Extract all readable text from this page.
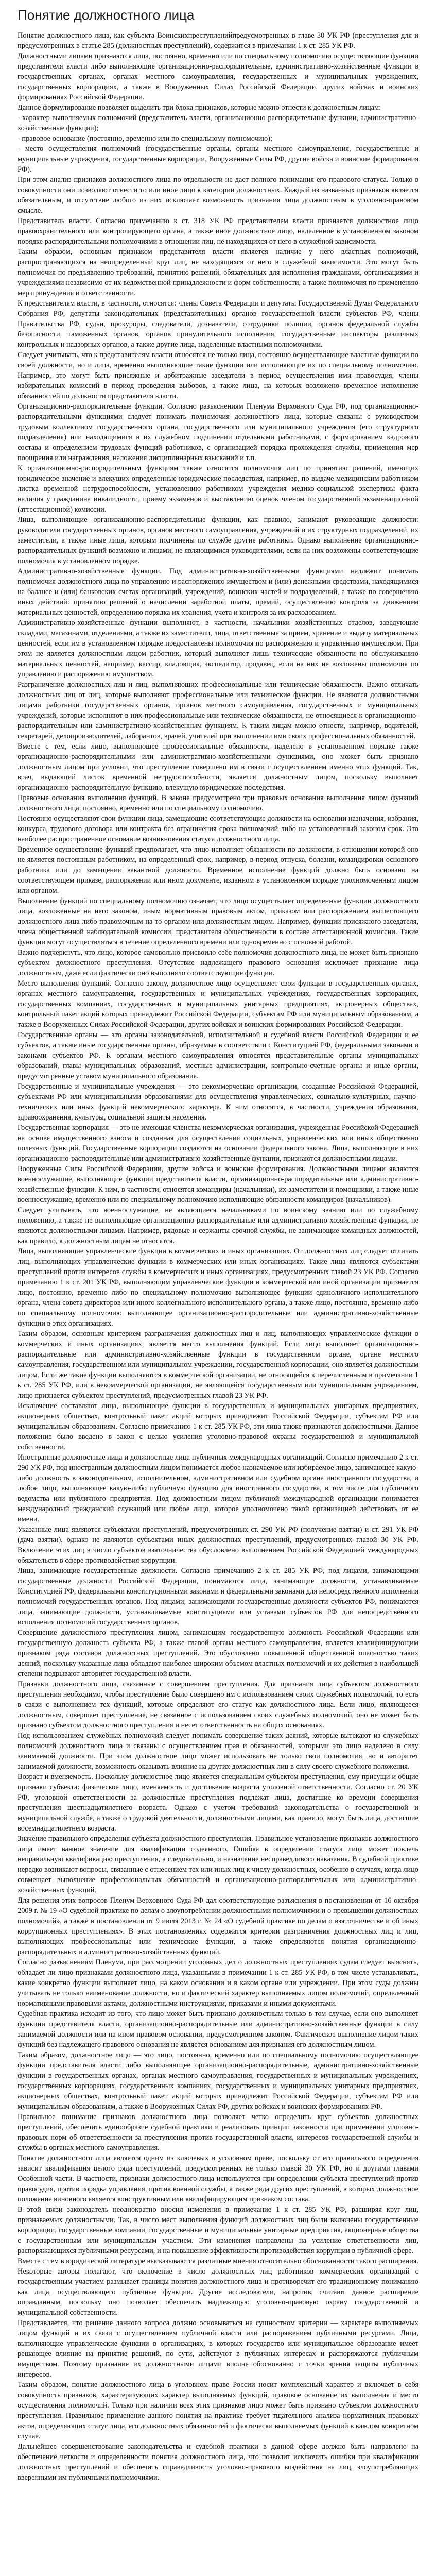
Понятие должностного лица

Понятие должностного лица, как субъекта Воинскихпреступленийпредусмотренных в главе 30 УК РФ (преступления для и предусмотренных в статье 285 (должностных преступлений), содержится в примечании 1 к ст. 285 УК РФ.

Должностными лицами признаются лица, постоянно, временно или по специальному полномочию осуществляющие функции представителя власти либо выполняющие организационно-распорядительные, административно-хозяйственные функции в государственных органах, органах местного самоуправления, государственных и муниципальных учреждениях, государственных корпорациях, а также в Вооруженных Силах Российской Федерации, других войсках и воинских формированиях Российской Федерации.

Данное формулирование позволяет выделить три блока признаков, которые можно отнести к должностным лицам:

- характер выполняемых полномочий (представитель власти, организационно-распорядительные функции, административно-хозяйственные функции);

- правовое основание (постоянно, временно или по специальному полномочию);

- место осуществления полномочий (государственные органы, органы местного самоуправления, государственные и муниципальные учреждения, государственные корпорации, Вооруженные Силы РФ, другие войска и воинские формирования РФ).

При этом анализ признаков должностного лица по отдельности не дает полного понимания его правового статуса. Только в совокупности они позволяют отнести то или иное лицо к категории должностных. Каждый из названных признаков является обязательным, и отсутствие любого из них исключает возможность признания лица должностным в уголовно-правовом смысле.

Представитель власти. Согласно примечанию к ст. 318 УК РФ представителем власти признается должностное лицо правоохранительного или контролирующего органа, а также иное должностное лицо, наделенное в установленном законом порядке распорядительными полномочиями в отношении лиц, не находящихся от него в служебной зависимости.

Таким образом, основным признаком представителя власти является наличие у него властных полномочий, распространяющихся на неопределенный круг лиц, не находящихся от него в служебной зависимости. Это могут быть полномочия по предъявлению требований, принятию решений, обязательных для исполнения гражданами, организациями и учреждениями независимо от их ведомственной принадлежности и форм собственности, а также полномочия по применению мер принуждения и ответственности.

К представителям власти, в частности, относятся: члены Совета Федерации и депутаты Государственной Думы Федерального Собрания РФ, депутаты законодательных (представительных) органов государственной власти субъектов РФ, члены Правительства РФ, судьи, прокуроры, следователи, дознаватели, сотрудники полиции, органов федеральной службы безопасности, таможенных органов, органов принудительного исполнения, государственные инспекторы различных контрольных и надзорных органов, а также другие лица, наделенные властными полномочиями.

Следует учитывать, что к представителям власти относятся не только лица, постоянно осуществляющие властные функции по своей должности, но и лица, временно выполняющие такие функции или исполняющие их по специальному полномочию. Например, это могут быть присяжные и арбитражные заседатели в период осуществления ими правосудия, члены избирательных комиссий в период проведения выборов, а также лица, на которых возложено временное исполнение обязанностей по должности представителя власти.

Организационно-распорядительные функции. Согласно разъяснениям Пленума Верховного Суда РФ, под организационно-распорядительными функциями следует понимать полномочия должностного лица, которые связаны с руководством трудовым коллективом государственного органа, государственного или муниципального учреждения (его структурного подразделения) или находящимися в их служебном подчинении отдельными работниками, с формированием кадрового состава и определением трудовых функций работников, с организацией порядка прохождения службы, применения мер поощрения или награждения, наложения дисциплинарных взысканий и т.п.

К организационно-распорядительным функциям также относятся полномочия лиц по принятию решений, имеющих юридическое значение и влекущих определенные юридические последствия, например, по выдаче медицинским работником листка временной нетрудоспособности, установлению работником учреждения медико-социальной экспертизы факта наличия у гражданина инвалидности, приему экзаменов и выставлению оценок членом государственной экзаменационной (аттестационной) комиссии.

Лица, выполняющие организационно-распорядительные функции, как правило, занимают руководящие должности: руководители государственных органов, органов местного самоуправления, учреждений и их структурных подразделений, их заместители, а также иные лица, которым подчинены по службе другие работники. Однако выполнение организационно-распорядительных функций возможно и лицами, не являющимися руководителями, если на них возложены соответствующие полномочия в установленном порядке.

Административно-хозяйственные функции. Под административно-хозяйственными функциями надлежит понимать полномочия должностного лица по управлению и распоряжению имуществом и (или) денежными средствами, находящимися на балансе и (или) банковских счетах организаций, учреждений, воинских частей и подразделений, а также по совершению иных действий: принятию решений о начислении заработной платы, премий, осуществлению контроля за движением материальных ценностей, определению порядка их хранения, учета и контроля за их расходованием.

Административно-хозяйственные функции выполняют, в частности, начальники хозяйственных отделов, заведующие складами, магазинами, отделениями, а также их заместители, лица, ответственные за прием, хранение и выдачу материальных ценностей, если им в установленном порядке предоставлены полномочия по распоряжению и управлению имуществом. При этом не является должностным лицом работник, который выполняет лишь технические обязанности по обслуживанию материальных ценностей, например, кассир, кладовщик, экспедитор, продавец, если на них не возложены полномочия по управлению и распоряжению имуществом.

Разграничение должностных лиц и лиц, выполняющих профессиональные или технические обязанности. Важно отличать должностных лиц от лиц, которые выполняют профессиональные или технические функции. Не являются должностными лицами работники государственных органов, органов местного самоуправления, государственных и муниципальных учреждений, которые исполняют в них профессиональные или технические обязанности, не относящиеся к организационно-распорядительным или административно-хозяйственным функциям. К таким лицам можно отнести, например, водителей, секретарей, делопроизводителей, лаборантов, врачей, учителей при выполнении ими своих профессиональных обязанностей.

Вместе с тем, если лицо, выполняющее профессиональные обязанности, наделено в установленном порядке также организационно-распорядительными или административно-хозяйственными функциями, оно может быть признано должностным лицом при условии, что преступление совершено им в связи с осуществлением именно этих функций. Так, врач, выдающий листок временной нетрудоспособности, является должностным лицом, поскольку выполняет организационно-распорядительную функцию, влекущую юридические последствия.

Правовые основания выполнения функций. В законе предусмотрено три правовых основания выполнения лицом функций должностного лица: постоянно, временно или по специальному полномочию.

Постоянно осуществляют свои функции лица, замещающие соответствующие должности на основании назначения, избрания, конкурса, трудового договора или контракта без ограничения срока полномочий либо на установленный законом срок. Это наиболее распространенное основание возникновения статуса должностного лица.

Временное осуществление функций предполагает, что лицо исполняет обязанности по должности, в отношении которой оно не является постоянным работником, на определенный срок, например, в период отпуска, болезни, командировки основного работника или до замещения вакантной должности. Временное исполнение функций должно быть основано на соответствующем приказе, распоряжении или ином документе, изданном в установленном порядке уполномоченным лицом или органом.

Выполнение функций по специальному полномочию означает, что лицо осуществляет определенные функции должностного лица, возложенные на него законом, иным нормативным правовым актом, приказом или распоряжением вышестоящего должностного лица либо правомочным на то органом или должностным лицом. Например, функции присяжного заседателя, члена общественной наблюдательной комиссии, представителя общественности в составе аттестационной комиссии. Такие функции могут осуществляться в течение определенного времени или одновременно с основной работой.

Важно подчеркнуть, что лицо, которое самовольно присвоило себе полномочия должностного лица, не может быть признано субъектом должностного преступления. Отсутствие надлежащего правового основания исключает признание лица должностным, даже если фактически оно выполняло соответствующие функции.

Место выполнения функций. Согласно закону, должностное лицо осуществляет свои функции в государственных органах, органах местного самоуправления, государственных и муниципальных учреждениях, государственных корпорациях, государственных компаниях, государственных и муниципальных унитарных предприятиях, акционерных обществах, контрольный пакет акций которых принадлежит Российской Федерации, субъектам РФ или муниципальным образованиям, а также в Вооруженных Силах Российской Федерации, других войсках и воинских формированиях Российской Федерации.

Государственные органы — это органы законодательной, исполнительной и судебной власти Российской Федерации и ее субъектов, а также иные государственные органы, образуемые в соответствии с Конституцией РФ, федеральными законами и законами субъектов РФ. К органам местного самоуправления относятся представительные органы муниципальных образований, главы муниципальных образований, местные администрации, контрольно-счетные органы и иные органы, предусмотренные уставом муниципального образования.

Государственные и муниципальные учреждения — это некоммерческие организации, созданные Российской Федерацией, субъектами РФ или муниципальными образованиями для осуществления управленческих, социально-культурных, научно-технических или иных функций некоммерческого характера. К ним относятся, в частности, учреждения образования, здравоохранения, культуры, социальной защиты населения.

Государственная корпорация — это не имеющая членства некоммерческая организация, учрежденная Российской Федерацией на основе имущественного взноса и созданная для осуществления социальных, управленческих или иных общественно полезных функций. Государственные корпорации создаются на основании федерального закона. Лица, выполняющие в них организационно-распорядительные или административно-хозяйственные функции, признаются должностными лицами.

Вооруженные Силы Российской Федерации, другие войска и воинские формирования. Должностными лицами являются военнослужащие, выполняющие функции представителя власти, организационно-распорядительные или административно-хозяйственные функции. К ним, в частности, относятся командиры (начальники), их заместители и помощники, а также иные военнослужащие, временно или по специальному полномочию исполняющие обязанности командиров (начальников).

Следует учитывать, что военнослужащие, не являющиеся начальниками по воинскому званию или по служебному положению, а также не выполняющие организационно-распорядительные или административно-хозяйственные функции, не являются должностными лицами. Например, рядовые и сержанты срочной службы, не занимающие командных должностей, как правило, к должностным лицам не относятся.

Лица, выполняющие управленческие функции в коммерческих и иных организациях. От должностных лиц следует отличать лиц, выполняющих управленческие функции в коммерческих или иных организациях. Такие лица являются субъектами преступлений против интересов службы в коммерческих и иных организациях, предусмотренных главой 23 УК РФ. Согласно примечанию 1 к ст. 201 УК РФ, выполняющим управленческие функции в коммерческой или иной организации признается лицо, постоянно, временно либо по специальному полномочию выполняющее функции единоличного исполнительного органа, члена совета директоров или иного коллегиального исполнительного органа, а также лицо, постоянно, временно либо по специальному полномочию выполняющее организационно-распорядительные или административно-хозяйственные функции в этих организациях.

Таким образом, основным критерием разграничения должностных лиц и лиц, выполняющих управленческие функции в коммерческих и иных организациях, является место выполнения функций. Если лицо выполняет организационно-распорядительные или административно-хозяйственные функции в государственном органе, органе местного самоуправления, государственном или муниципальном учреждении, государственной корпорации, оно является должностным лицом. Если же такие функции выполняются в коммерческой организации, не относящейся к перечисленным в примечании 1 к ст. 285 УК РФ, или в некоммерческой организации, не являющейся государственным или муниципальным учреждением, лицо признается субъектом преступлений, предусмотренных главой 23 УК РФ.

Исключение составляют лица, выполняющие функции в государственных и муниципальных унитарных предприятиях, акционерных обществах, контрольный пакет акций которых принадлежит Российской Федерации, субъектам РФ или муниципальным образованиям. Согласно примечанию 1 к ст. 285 УК РФ, эти лица также признаются должностными. Данное положение было введено в закон с целью усиления уголовно-правовой охраны государственной и муниципальной собственности.

Иностранные должностные лица и должностные лица публичных международных организаций. Согласно примечанию 2 к ст. 290 УК РФ, под иностранным должностным лицом понимается любое назначаемое или избираемое лицо, занимающее какую-либо должность в законодательном, исполнительном, административном или судебном органе иностранного государства, и любое лицо, выполняющее какую-либо публичную функцию для иностранного государства, в том числе для публичного ведомства или публичного предприятия. Под должностным лицом публичной международной организации понимается международный гражданский служащий или любое лицо, которое уполномочено такой организацией действовать от ее имени.

Указанные лица являются субъектами преступлений, предусмотренных ст. 290 УК РФ (получение взятки) и ст. 291 УК РФ (дача взятки), однако не являются субъектами иных должностных преступлений, предусмотренных главой 30 УК РФ. Включение этих лиц в число субъектов взяточничества обусловлено выполнением Российской Федерацией международных обязательств в сфере противодействия коррупции.

Лица, занимающие государственные должности. Согласно примечанию 2 к ст. 285 УК РФ, под лицами, занимающими государственные должности Российской Федерации, понимаются лица, занимающие должности, устанавливаемые Конституцией РФ, федеральными конституционными законами и федеральными законами для непосредственного исполнения полномочий государственных органов. Под лицами, занимающими государственные должности субъектов РФ, понимаются лица, занимающие должности, устанавливаемые конституциями или уставами субъектов РФ для непосредственного исполнения полномочий государственных органов.

Совершение должностного преступления лицом, занимающим государственную должность Российской Федерации или государственную должность субъекта РФ, а также главой органа местного самоуправления, является квалифицирующим признаком ряда составов должностных преступлений. Это обусловлено повышенной общественной опасностью таких деяний, поскольку указанные лица обладают наиболее широким объемом властных полномочий и их действия в наибольшей степени подрывают авторитет государственной власти.

Признаки должностного лица, связанные с совершением преступления. Для признания лица субъектом должностного преступления необходимо, чтобы преступление было совершено им с использованием своих служебных полномочий, то есть в связи с выполнением тех функций, которые определяют его статус как должностного лица. Если лицо, являющееся должностным, совершает преступление, не связанное с использованием своих служебных полномочий, оно не может быть признано субъектом должностного преступления и несет ответственность на общих основаниях.

Под использованием служебных полномочий следует понимать совершение таких деяний, которые вытекают из служебных полномочий должностного лица и связаны с осуществлением прав и обязанностей, которыми это лицо наделено в силу занимаемой должности. При этом должностное лицо может использовать не только свои полномочия, но и авторитет занимаемой должности, возможность оказывать влияние на других должностных лиц в силу своего служебного положения.

Возраст и вменяемость. Поскольку должностное лицо является специальным субъектом преступления, ему присущи и общие признаки субъекта: физическое лицо, вменяемость и достижение возраста уголовной ответственности. Согласно ст. 20 УК РФ, уголовной ответственности за должностные преступления подлежат лица, достигшие ко времени совершения преступления шестнадцатилетнего возраста. Однако с учетом требований законодательства о государственной и муниципальной службе, а также о трудовой деятельности, должностными лицами, как правило, могут быть лица, достигшие восемнадцатилетнего возраста.

Значение правильного определения субъекта должностного преступления. Правильное установление признаков должностного лица имеет важное значение для квалификации содеянного. Ошибка в определении статуса лица может повлечь неправильную квалификацию преступления, а следовательно, и назначение несправедливого наказания. В судебной практике нередко возникают вопросы, связанные с отнесением тех или иных лиц к числу должностных, особенно в случаях, когда лицо совмещает выполнение профессиональных обязанностей и организационно-распорядительных или административно-хозяйственных функций.

Для решения этих вопросов Пленум Верховного Суда РФ дал соответствующие разъяснения в постановлении от 16 октября 2009 г. № 19 «О судебной практике по делам о злоупотреблении должностными полномочиями и о превышении должностных полномочий», а также в постановлении от 9 июля 2013 г. № 24 «О судебной практике по делам о взяточничестве и об иных коррупционных преступлениях». В этих постановлениях содержатся критерии разграничения должностных лиц и лиц, выполняющих профессиональные или технические функции, а также определяются понятия организационно-распорядительных и административно-хозяйственных функций.

Согласно разъяснениям Пленума, при рассмотрении уголовных дел о должностных преступлениях судам следует выяснять, обладает ли лицо признаками должностного лица, указанными в примечании 1 к ст. 285 УК РФ, в том числе устанавливать, какие конкретно функции выполняет лицо, на каком основании и в каком органе или учреждении. При этом суды должны учитывать не только наименование должности, но и фактический характер выполняемых лицом полномочий, определенный нормативными правовыми актами, должностными инструкциями, приказами и иными документами.

Судебная практика исходит из того, что лицо может быть признано должностным только в том случае, если оно выполняет функции представителя власти, организационно-распорядительные или административно-хозяйственные функции в силу занимаемой должности или на ином правовом основании, предусмотренном законом. Фактическое выполнение лицом таких функций без надлежащего правового основания не является основанием для признания его должностным лицом.

Таким образом, должностное лицо — это лицо, постоянно, временно или по специальному полномочию осуществляющее функции представителя власти либо выполняющее организационно-распорядительные, административно-хозяйственные функции в государственных органах, органах местного самоуправления, государственных и муниципальных учреждениях, государственных корпорациях, государственных компаниях, государственных и муниципальных унитарных предприятиях, акционерных обществах, контрольный пакет акций которых принадлежит Российской Федерации, субъектам РФ или муниципальным образованиям, а также в Вооруженных Силах РФ, других войсках и воинских формированиях РФ.

Правильное понимание признаков должностного лица позволяет четко определить круг субъектов должностных преступлений, обеспечить единообразие судебной практики и реализовать принцип законности при применении уголовно-правовых норм об ответственности за преступления против государственной власти, интересов государственной службы и службы в органах местного самоуправления.

Понятие должностного лица является одним из ключевых в уголовном праве, поскольку от его правильного определения зависит квалификация целого ряда преступлений, предусмотренных не только главой 30 УК РФ, но и другими главами Особенной части. В частности, признаки должностного лица используются при определении субъекта преступлений против правосудия, против порядка управления, против военной службы, а также ряда других преступлений, в которых должностное положение виновного является конструктивным или квалифицирующим признаком состава.

В этой связи законодатель неоднократно вносил изменения в примечание 1 к ст. 285 УК РФ, расширяя круг лиц, признаваемых должностными. Так, в число мест выполнения функций должностных лиц были включены государственные корпорации, государственные компании, государственные и муниципальные унитарные предприятия, акционерные общества с государственным или муниципальным участием. Эти изменения направлены на усиление ответственности лиц, распоряжающихся публичными ресурсами, и на повышение эффективности противодействия коррупции в публичной сфере.

Вместе с тем в юридической литературе высказываются различные мнения относительно обоснованности такого расширения. Некоторые авторы полагают, что включение в число должностных лиц работников коммерческих организаций с государственным участием размывает границы понятия должностного лица и противоречит его традиционному пониманию как лица, осуществляющего публичные функции. Другие исследователи, напротив, считают данное расширение оправданным, поскольку оно позволяет обеспечить надлежащую уголовно-правовую охрану государственной и муниципальной собственности.

Представляется, что решение данного вопроса должно основываться на сущностном критерии — характере выполняемых лицом функций и их связи с осуществлением публичной власти или распоряжением публичными ресурсами. Лица, выполняющие управленческие функции в организациях, в которых государство или муниципальное образование имеет решающее влияние на принятие решений, по сути, действуют в публичных интересах и распоряжаются публичным имуществом. Поэтому признание их должностными лицами вполне обоснованно с точки зрения защиты публичных интересов.

Таким образом, понятие должностного лица в уголовном праве России носит комплексный характер и включает в себя совокупность признаков, характеризующих характер выполняемых функций, правовое основание их выполнения и место осуществления полномочий. Только при наличии всех этих признаков лицо может быть признано субъектом должностного преступления. Правильное применение данного понятия на практике требует тщательного анализа нормативных правовых актов, определяющих статус лица, его должностных обязанностей и фактически выполняемых функций в каждом конкретном случае.

Дальнейшее совершенствование законодательства и судебной практики в данной сфере должно быть направлено на обеспечение четкости и определенности понятия должностного лица, что позволит исключить ошибки при квалификации должностных преступлений и обеспечить справедливость уголовно-правового воздействия на лиц, злоупотребляющих вверенными им публичными полномочиями.
